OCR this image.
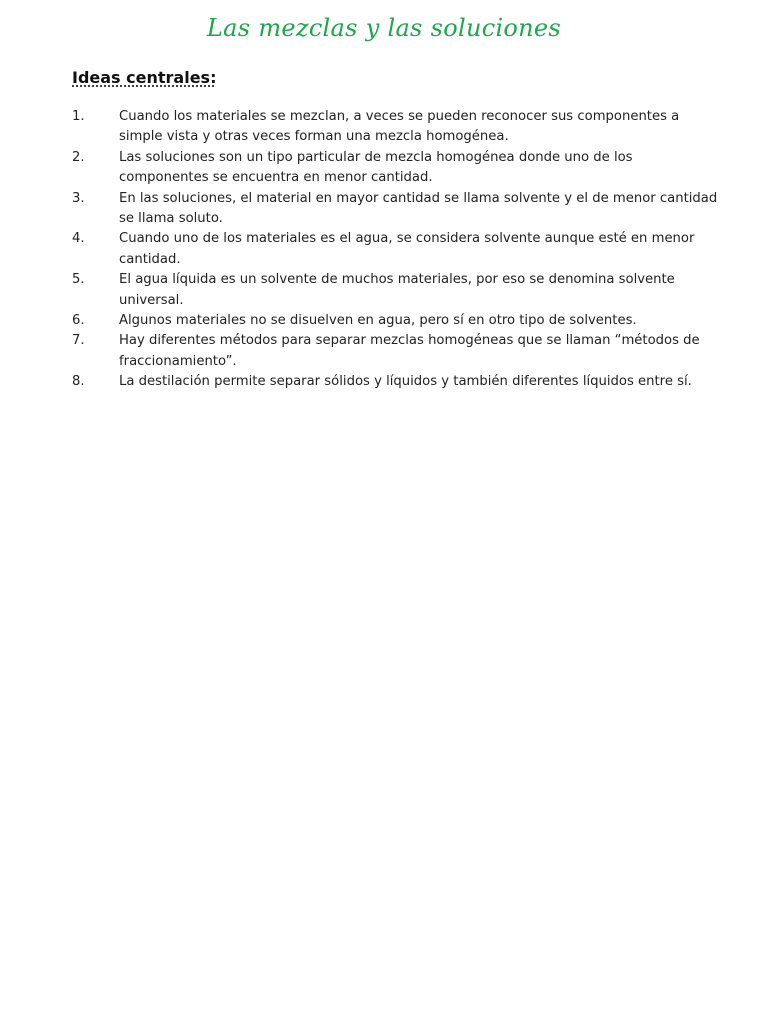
Las mezclas y las soluciones
Ideas centrales:
1.	Cuando los materiales se mezclan, a veces se pueden reconocer sus componentes a simple vista y otras veces forman una mezcla homogénea.
2.	Las soluciones son un tipo particular de mezcla homogénea donde uno de los componentes se encuentra en menor cantidad.
3.	En las soluciones, el material en mayor cantidad se llama solvente y el de menor cantidad se llama soluto.
4.	Cuando uno de los materiales es el agua, se considera solvente aunque esté en menor cantidad.
5.	El agua líquida es un solvente de muchos materiales, por eso se denomina solvente universal.
6.	Algunos materiales no se disuelven en agua, pero sí en otro tipo de solventes.
7.	Hay diferentes métodos para separar mezclas homogéneas que se llaman “métodos de fraccionamiento”.
8.	La destilación permite separar sólidos y líquidos y también diferentes líquidos entre sí.
